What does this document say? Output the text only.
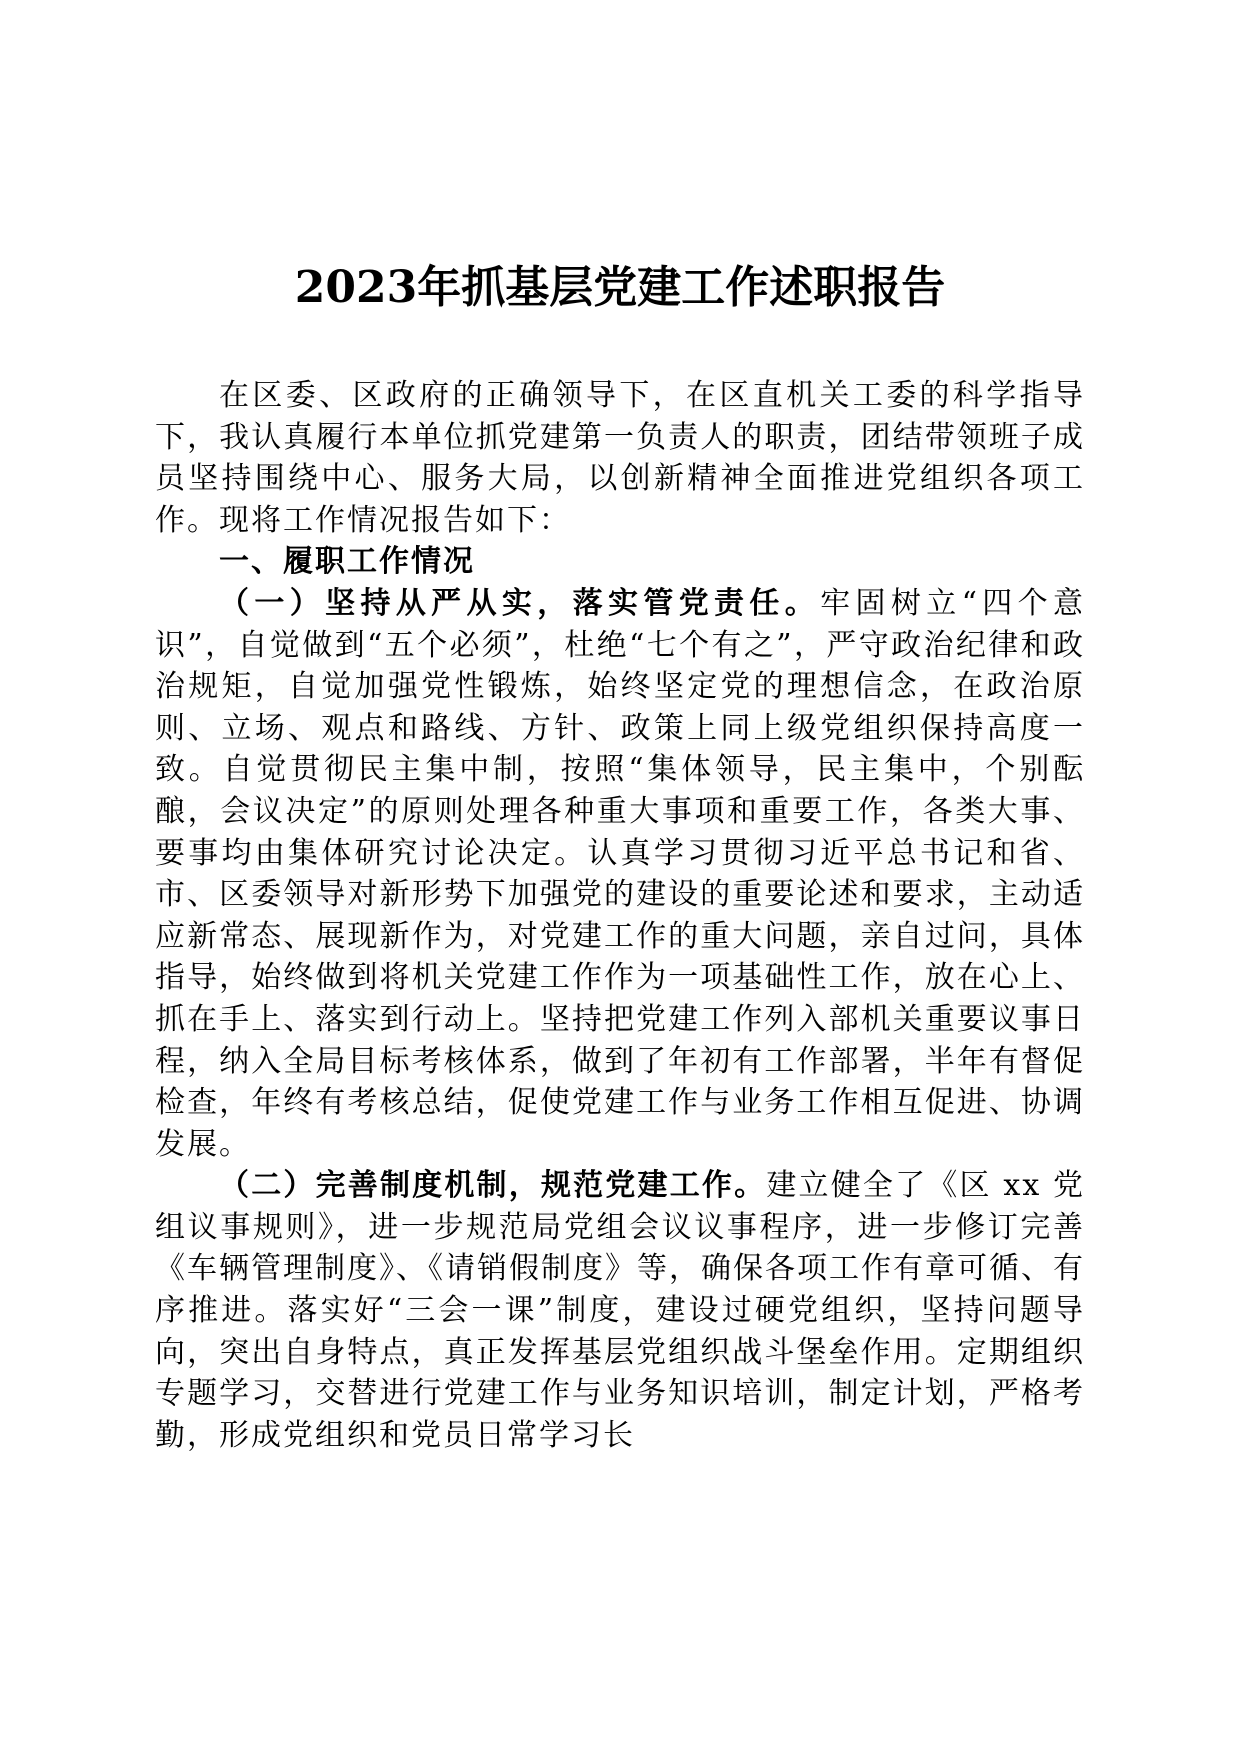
2023年抓基层党建工作述职报告

在区委、区政府的正确领导下，在区直机关工委的科学指导下，我认真履行本单位抓党建第一负责人的职责，团结带领班子成员坚持围绕中心、服务大局，以创新精神全面推进党组织各项工作。现将工作情况报告如下：

一、履职工作情况

（一）坚持从严从实，落实管党责任。牢固树立“四个意识”，自觉做到“五个必须”，杜绝“七个有之”，严守政治纪律和政治规矩，自觉加强党性锻炼，始终坚定党的理想信念，在政治原则、立场、观点和路线、方针、政策上同上级党组织保持高度一致。自觉贯彻民主集中制，按照“集体领导，民主集中，个别酝酿，会议决定”的原则处理各种重大事项和重要工作，各类大事、要事均由集体研究讨论决定。认真学习贯彻习近平总书记和省、市、区委领导对新形势下加强党的建设的重要论述和要求，主动适应新常态、展现新作为，对党建工作的重大问题，亲自过问，具体指导，始终做到将机关党建工作作为一项基础性工作，放在心上、抓在手上、落实到行动上。坚持把党建工作列入部机关重要议事日程，纳入全局目标考核体系，做到了年初有工作部署，半年有督促检查，年终有考核总结，促使党建工作与业务工作相互促进、协调发展。

（二）完善制度机制，规范党建工作。建立健全了《区 xx 党组议事规则》，进一步规范局党组会议议事程序，进一步修订完善《车辆管理制度》、《请销假制度》等，确保各项工作有章可循、有序推进。落实好“三会一课”制度，建设过硬党组织，坚持问题导向，突出自身特点，真正发挥基层党组织战斗堡垒作用。定期组织专题学习，交替进行党建工作与业务知识培训，制定计划，严格考勤，形成党组织和党员日常学习长
